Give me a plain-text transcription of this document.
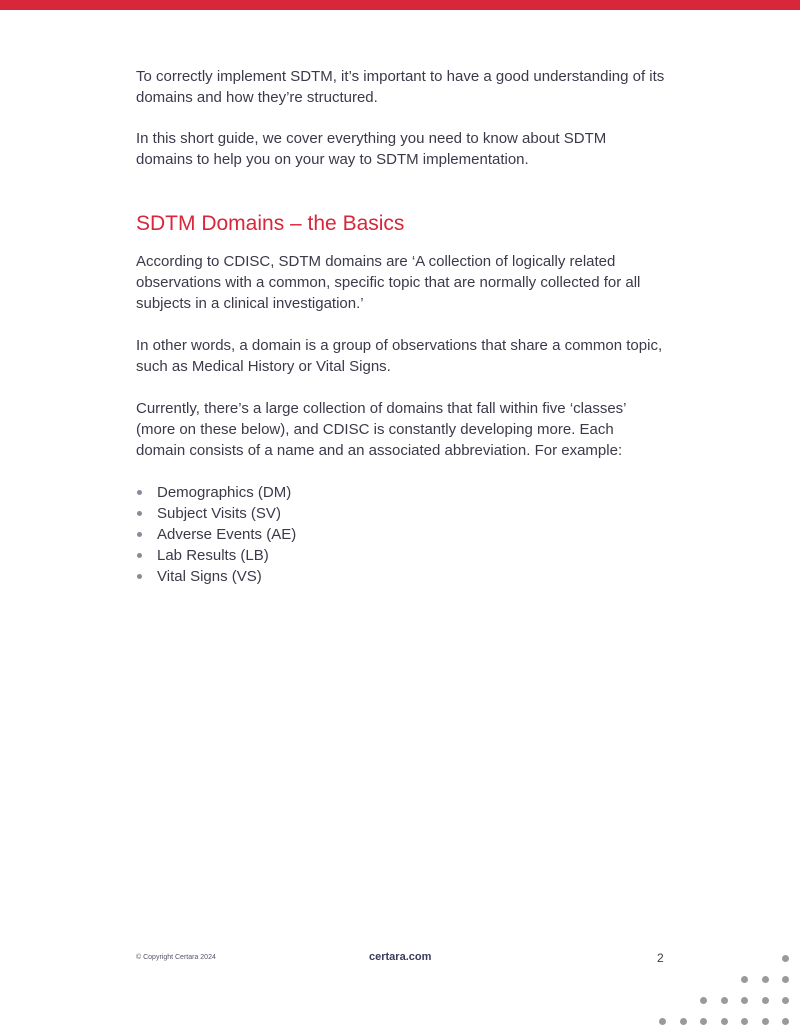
To correctly implement SDTM, it’s important to have a good understanding of its domains and how they’re structured.

In this short guide, we cover everything you need to know about SDTM domains to help you on your way to SDTM implementation.

SDTM Domains – the Basics

According to CDISC, SDTM domains are ‘A collection of logically related observations with a common, specific topic that are normally collected for all subjects in a clinical investigation.’

In other words, a domain is a group of observations that share a common topic, such as Medical History or Vital Signs.

Currently, there’s a large collection of domains that fall within five ‘classes’ (more on these below), and CDISC is constantly developing more. Each domain consists of a name and an associated abbreviation. For example:

Demographics (DM)
Subject Visits (SV)
Adverse Events (AE)
Lab Results (LB)
Vital Signs (VS)
© Copyright Certara 2024	certara.com	2
